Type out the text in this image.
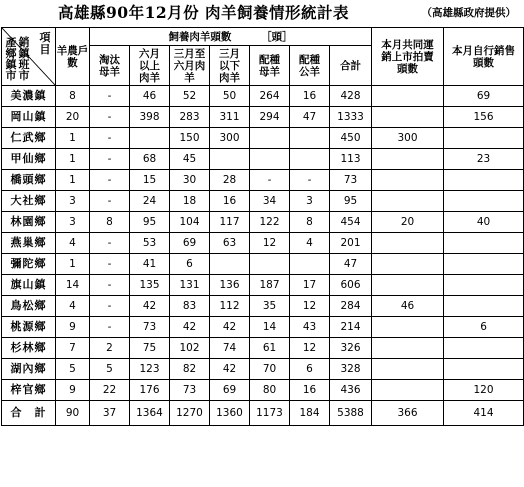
高雄縣90年12月份 肉羊飼養情形統計表	（高雄縣政府提供）
項目
產鄉鎮市
銷鎮班市	羊農戶數	飼養肉羊頭數 ［頭］							本月共同運銷上市拍賣頭數	本月自行銷售頭數
		淘汰母羊	六月以上肉羊	三月至六月肉羊	三月以下肉羊	配種母羊	配種公羊	合計		
美濃鎮	8	-	46	52	50	264	16	428		69
岡山鎮	20	-	398	283	311	294	47	1333		156
仁武鄉	1	-		150	300			450	300	
甲仙鄉	1	-	68	45				113		23
橋頭鄉	1	-	15	30	28	-	-	73		
大社鄉	3	-	24	18	16	34	3	95		
林園鄉	3	8	95	104	117	122	8	454	20	40
燕巢鄉	4	-	53	69	63	12	4	201		
彌陀鄉	1	-	41	6				47		
旗山鎮	14	-	135	131	136	187	17	606		
鳥松鄉	4	-	42	83	112	35	12	284	46	
桃源鄉	9	-	73	42	42	14	43	214		6
杉林鄉	7	2	75	102	74	61	12	326		
湖內鄉	5	5	123	82	42	70	6	328		
梓官鄉	9	22	176	73	69	80	16	436		120
合　計	90	37	1364	1270	1360	1173	184	5388	366	414
